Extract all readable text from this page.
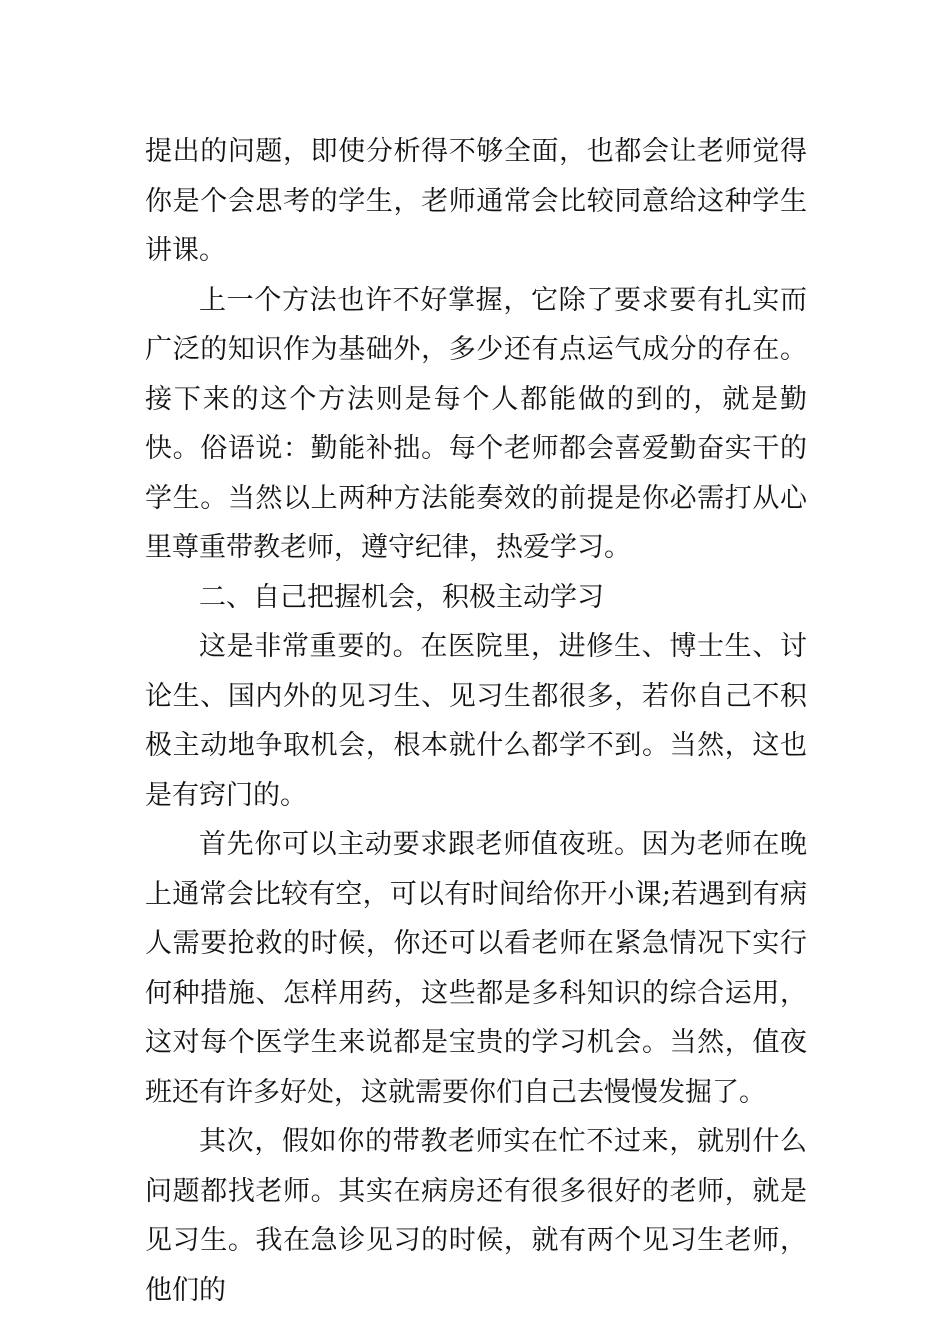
提出的问题，即使分析得不够全面，也都会让老师觉得你是个会思考的学生，老师通常会比较同意给这种学生讲课。

上一个方法也许不好掌握，它除了要求要有扎实而广泛的知识作为基础外，多少还有点运气成分的存在。接下来的这个方法则是每个人都能做的到的，就是勤快。俗语说：勤能补拙。每个老师都会喜爱勤奋实干的学生。当然以上两种方法能奏效的前提是你必需打从心里尊重带教老师，遵守纪律，热爱学习。

二、自己把握机会，积极主动学习

这是非常重要的。在医院里，进修生、博士生、讨论生、国内外的见习生、见习生都很多，若你自己不积极主动地争取机会，根本就什么都学不到。当然，这也是有窍门的。

首先你可以主动要求跟老师值夜班。因为老师在晚上通常会比较有空，可以有时间给你开小课;若遇到有病人需要抢救的时候，你还可以看老师在紧急情况下实行何种措施、怎样用药，这些都是多科知识的综合运用，这对每个医学生来说都是宝贵的学习机会。当然，值夜班还有许多好处，这就需要你们自己去慢慢发掘了。

其次，假如你的带教老师实在忙不过来，就别什么问题都找老师。其实在病房还有很多很好的老师，就是见习生。我在急诊见习的时候，就有两个见习生老师，他们的
